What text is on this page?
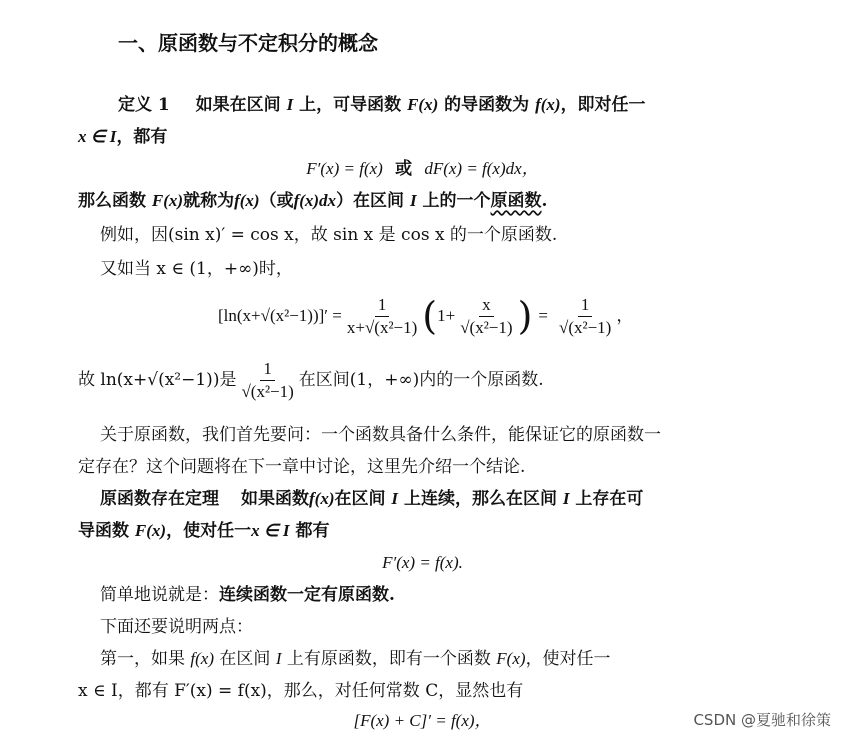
一、原函数与不定积分的概念
定义 1 如果在区间 I 上，可导函数 F(x) 的导函数为 f(x)，即对任一
x ∈ I，都有
F′(x) = f(x) 或 dF(x) = f(x)dx，
那么函数 F(x)就称为f(x)（或f(x)dx）在区间 I 上的一个原函数.
例如，因(sin x)′ = cos x，故 sin x 是 cos x 的一个原函数.
又如当 x ∈ (1，+∞)时，
$[\ln(x+√(x^2-1))]' = \frac{1}{\text{x+√(x²−1)}}$ ( $1+ \frac{x}{\text{√(x²−1)}}$ ) = $\frac{1}{\text{√(x²−1)}}$ ，
故 ln(x+√(x²−1))是 $\frac{1}{\text{√(x²−1)}}$ 在区间(1，+∞)内的一个原函数.
关于原函数，我们首先要问：一个函数具备什么条件，能保证它的原函数一
定存在？这个问题将在下一章中讨论，这里先介绍一个结论.
原函数存在定理 如果函数f(x)在区间 I 上连续，那么在区间 I 上存在可
导函数 F(x)，使对任一x ∈ I 都有
F′(x) = f(x).
简单地说就是：连续函数一定有原函数.
下面还要说明两点：
第一，如果 f(x) 在区间 I 上有原函数，即有一个函数 F(x)，使对任一
x ∈ I，都有 F′(x) = f(x)，那么，对任何常数 C，显然也有
[F(x) + C]′ = f(x)，	CSDN @夏驰和徐策
